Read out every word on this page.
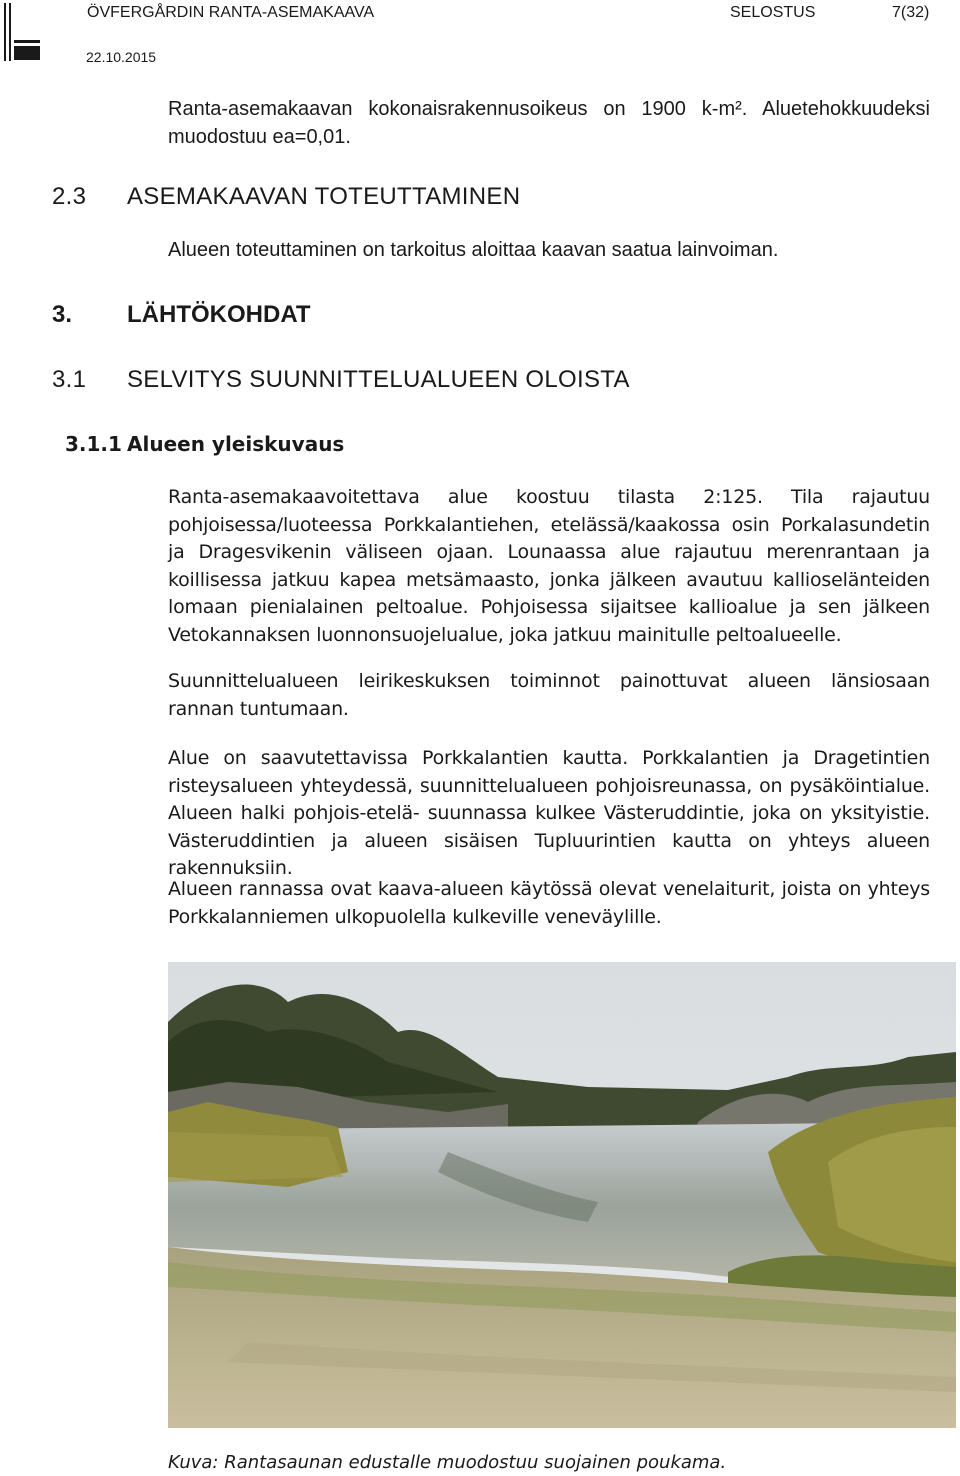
ÖVFERGÅRDIN RANTA-ASEMAKAAVA	SELOSTUS	7(32)
22.10.2015
Ranta-asemakaavan kokonaisrakennusoikeus on 1900 k-m². Aluetehokkuudeksi muodostuu ea=0,01.
2.3 ASEMAKAAVAN TOTEUTTAMINEN
Alueen toteuttaminen on tarkoitus aloittaa kaavan saatua lainvoiman.
3. LÄHTÖKOHDAT
3.1 SELVITYS SUUNNITTELUALUEEN OLOISTA
3.1.1 Alueen yleiskuvaus
Ranta-asemakaavoitettava alue koostuu tilasta 2:125. Tila rajautuu pohjoisessa/luoteessa Porkkalantiehen, etelässä/kaakossa osin Porkalasundetin ja Dragesvikenin väliseen ojaan. Lounaassa alue rajautuu merenrantaan ja koillisessa jatkuu kapea metsämaasto, jonka jälkeen avautuu kallioselänteiden lomaan pienialainen peltoalue. Pohjoisessa sijaitsee kallioalue ja sen jälkeen Vetokannaksen luonnonsuojelualue, joka jatkuu mainitulle peltoalueelle.
Suunnittelualueen leirikeskuksen toiminnot painottuvat alueen länsiosaan rannan tuntumaan.
Alue on saavutettavissa Porkkalantien kautta. Porkkalantien ja Dragetintien risteysalueen yhteydessä, suunnittelualueen pohjoisreunassa, on pysäköintialue. Alueen halki pohjois-etelä- suunnassa kulkee Västeruddintie, joka on yksityistie. Västeruddintien ja alueen sisäisen Tupluurintien kautta on yhteys alueen rakennuksiin.
Alueen rannassa ovat kaava-alueen käytössä olevat venelaiturit, joista on yhteys Porkkalanniemen ulkopuolella kulkeville veneväylille.
Kuva: Rantasaunan edustalle muodostuu suojainen poukama.
